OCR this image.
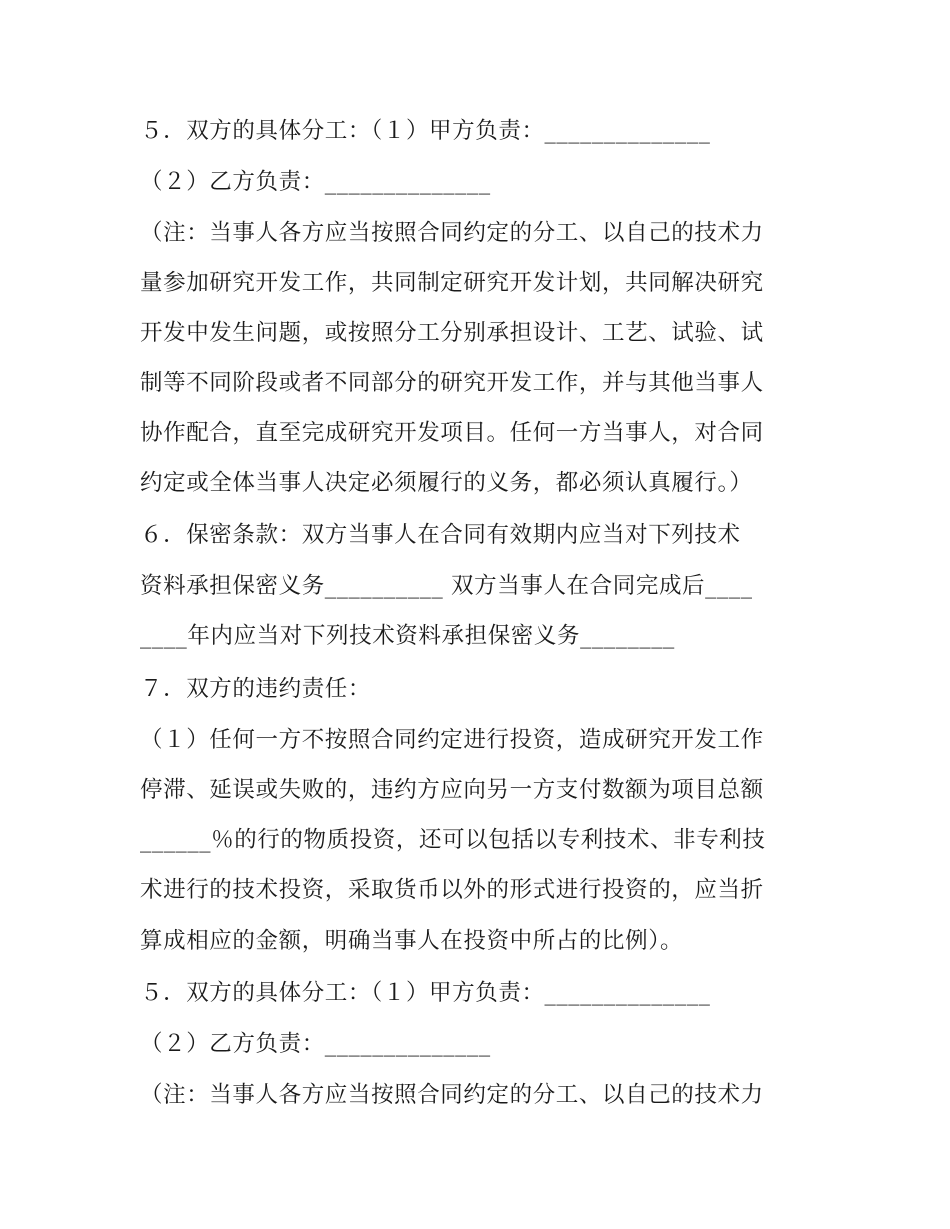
５．双方的具体分工：（１）甲方负责：______________
（２）乙方负责：______________
（注：当事人各方应当按照合同约定的分工、以自己的技术力
量参加研究开发工作，共同制定研究开发计划，共同解决研究
开发中发生问题，或按照分工分别承担设计、工艺、试验、试
制等不同阶段或者不同部分的研究开发工作，并与其他当事人
协作配合，直至完成研究开发项目。任何一方当事人，对合同
约定或全体当事人决定必须履行的义务，都必须认真履行。）
６．保密条款：双方当事人在合同有效期内应当对下列技术
资料承担保密义务__________ 双方当事人在合同完成后____
____年内应当对下列技术资料承担保密义务________
７．双方的违约责任：
（１）任何一方不按照合同约定进行投资，造成研究开发工作
停滞、延误或失败的，违约方应向另一方支付数额为项目总额
______％的行的物质投资，还可以包括以专利技术、非专利技
术进行的技术投资，采取货币以外的形式进行投资的，应当折
算成相应的金额，明确当事人在投资中所占的比例）。
５．双方的具体分工：（１）甲方负责：______________
（２）乙方负责：______________
（注：当事人各方应当按照合同约定的分工、以自己的技术力
